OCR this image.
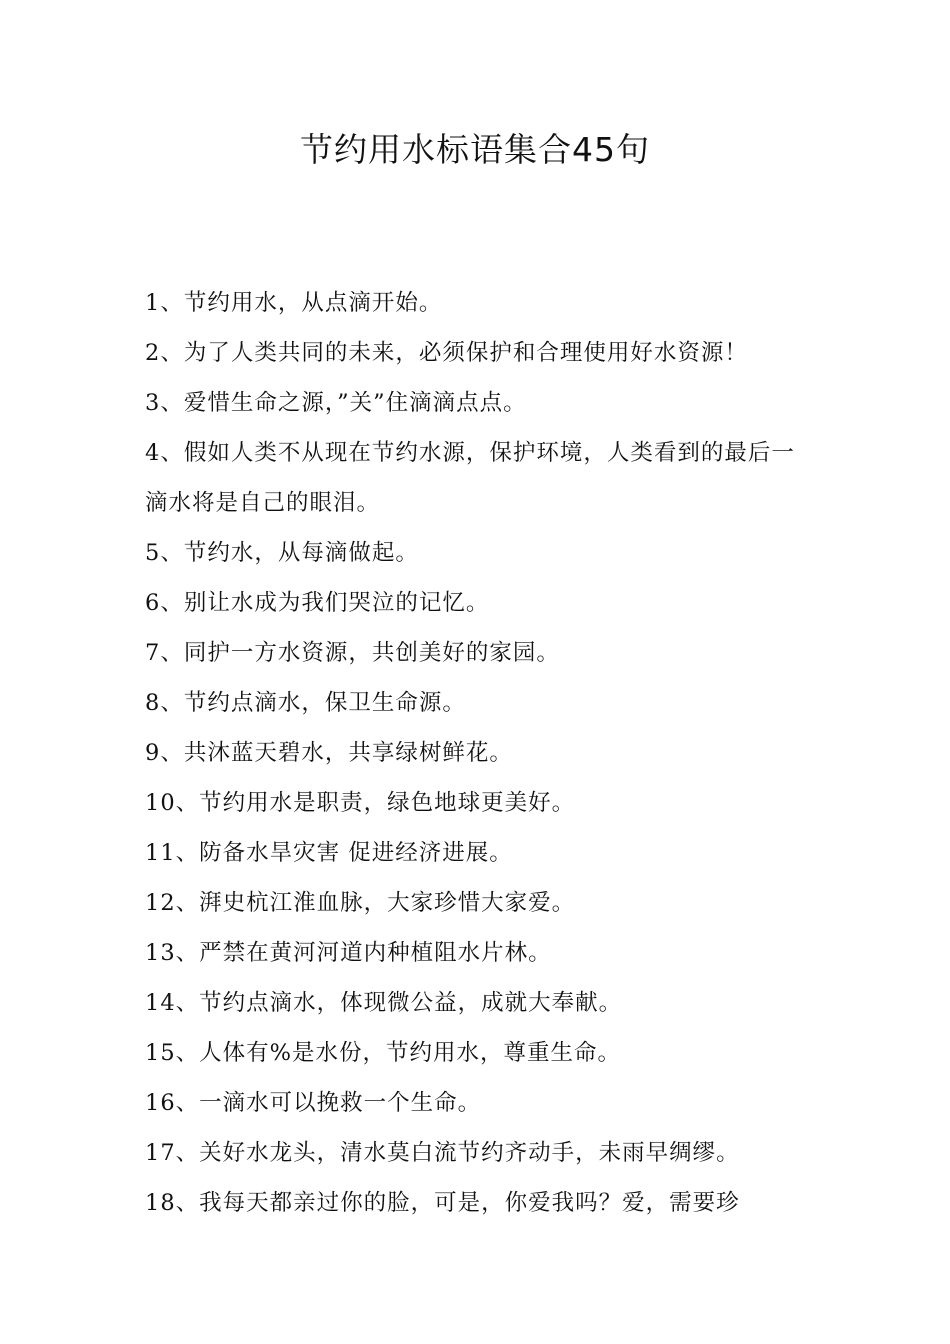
节约用水标语集合45句

1、节约用水，从点滴开始。

2、为了人类共同的未来，必须保护和合理使用好水资源！

3、爱惜生命之源，”关”住滴滴点点。

4、假如人类不从现在节约水源，保护环境，人类看到的最后一滴水将是自己的眼泪。

5、节约水，从每滴做起。

6、别让水成为我们哭泣的记忆。

7、同护一方水资源，共创美好的家园。

8、节约点滴水，保卫生命源。

9、共沐蓝天碧水，共享绿树鲜花。

10、节约用水是职责，绿色地球更美好。

11、防备水旱灾害 促进经济进展。

12、湃史杭江淮血脉，大家珍惜大家爱。

13、严禁在黄河河道内种植阻水片林。

14、节约点滴水，体现微公益，成就大奉献。

15、人体有%是水份，节约用水，尊重生命。

16、一滴水可以挽救一个生命。

17、关好水龙头，清水莫白流节约齐动手，未雨早绸缪。

18、我每天都亲过你的脸，可是，你爱我吗？爱，需要珍
